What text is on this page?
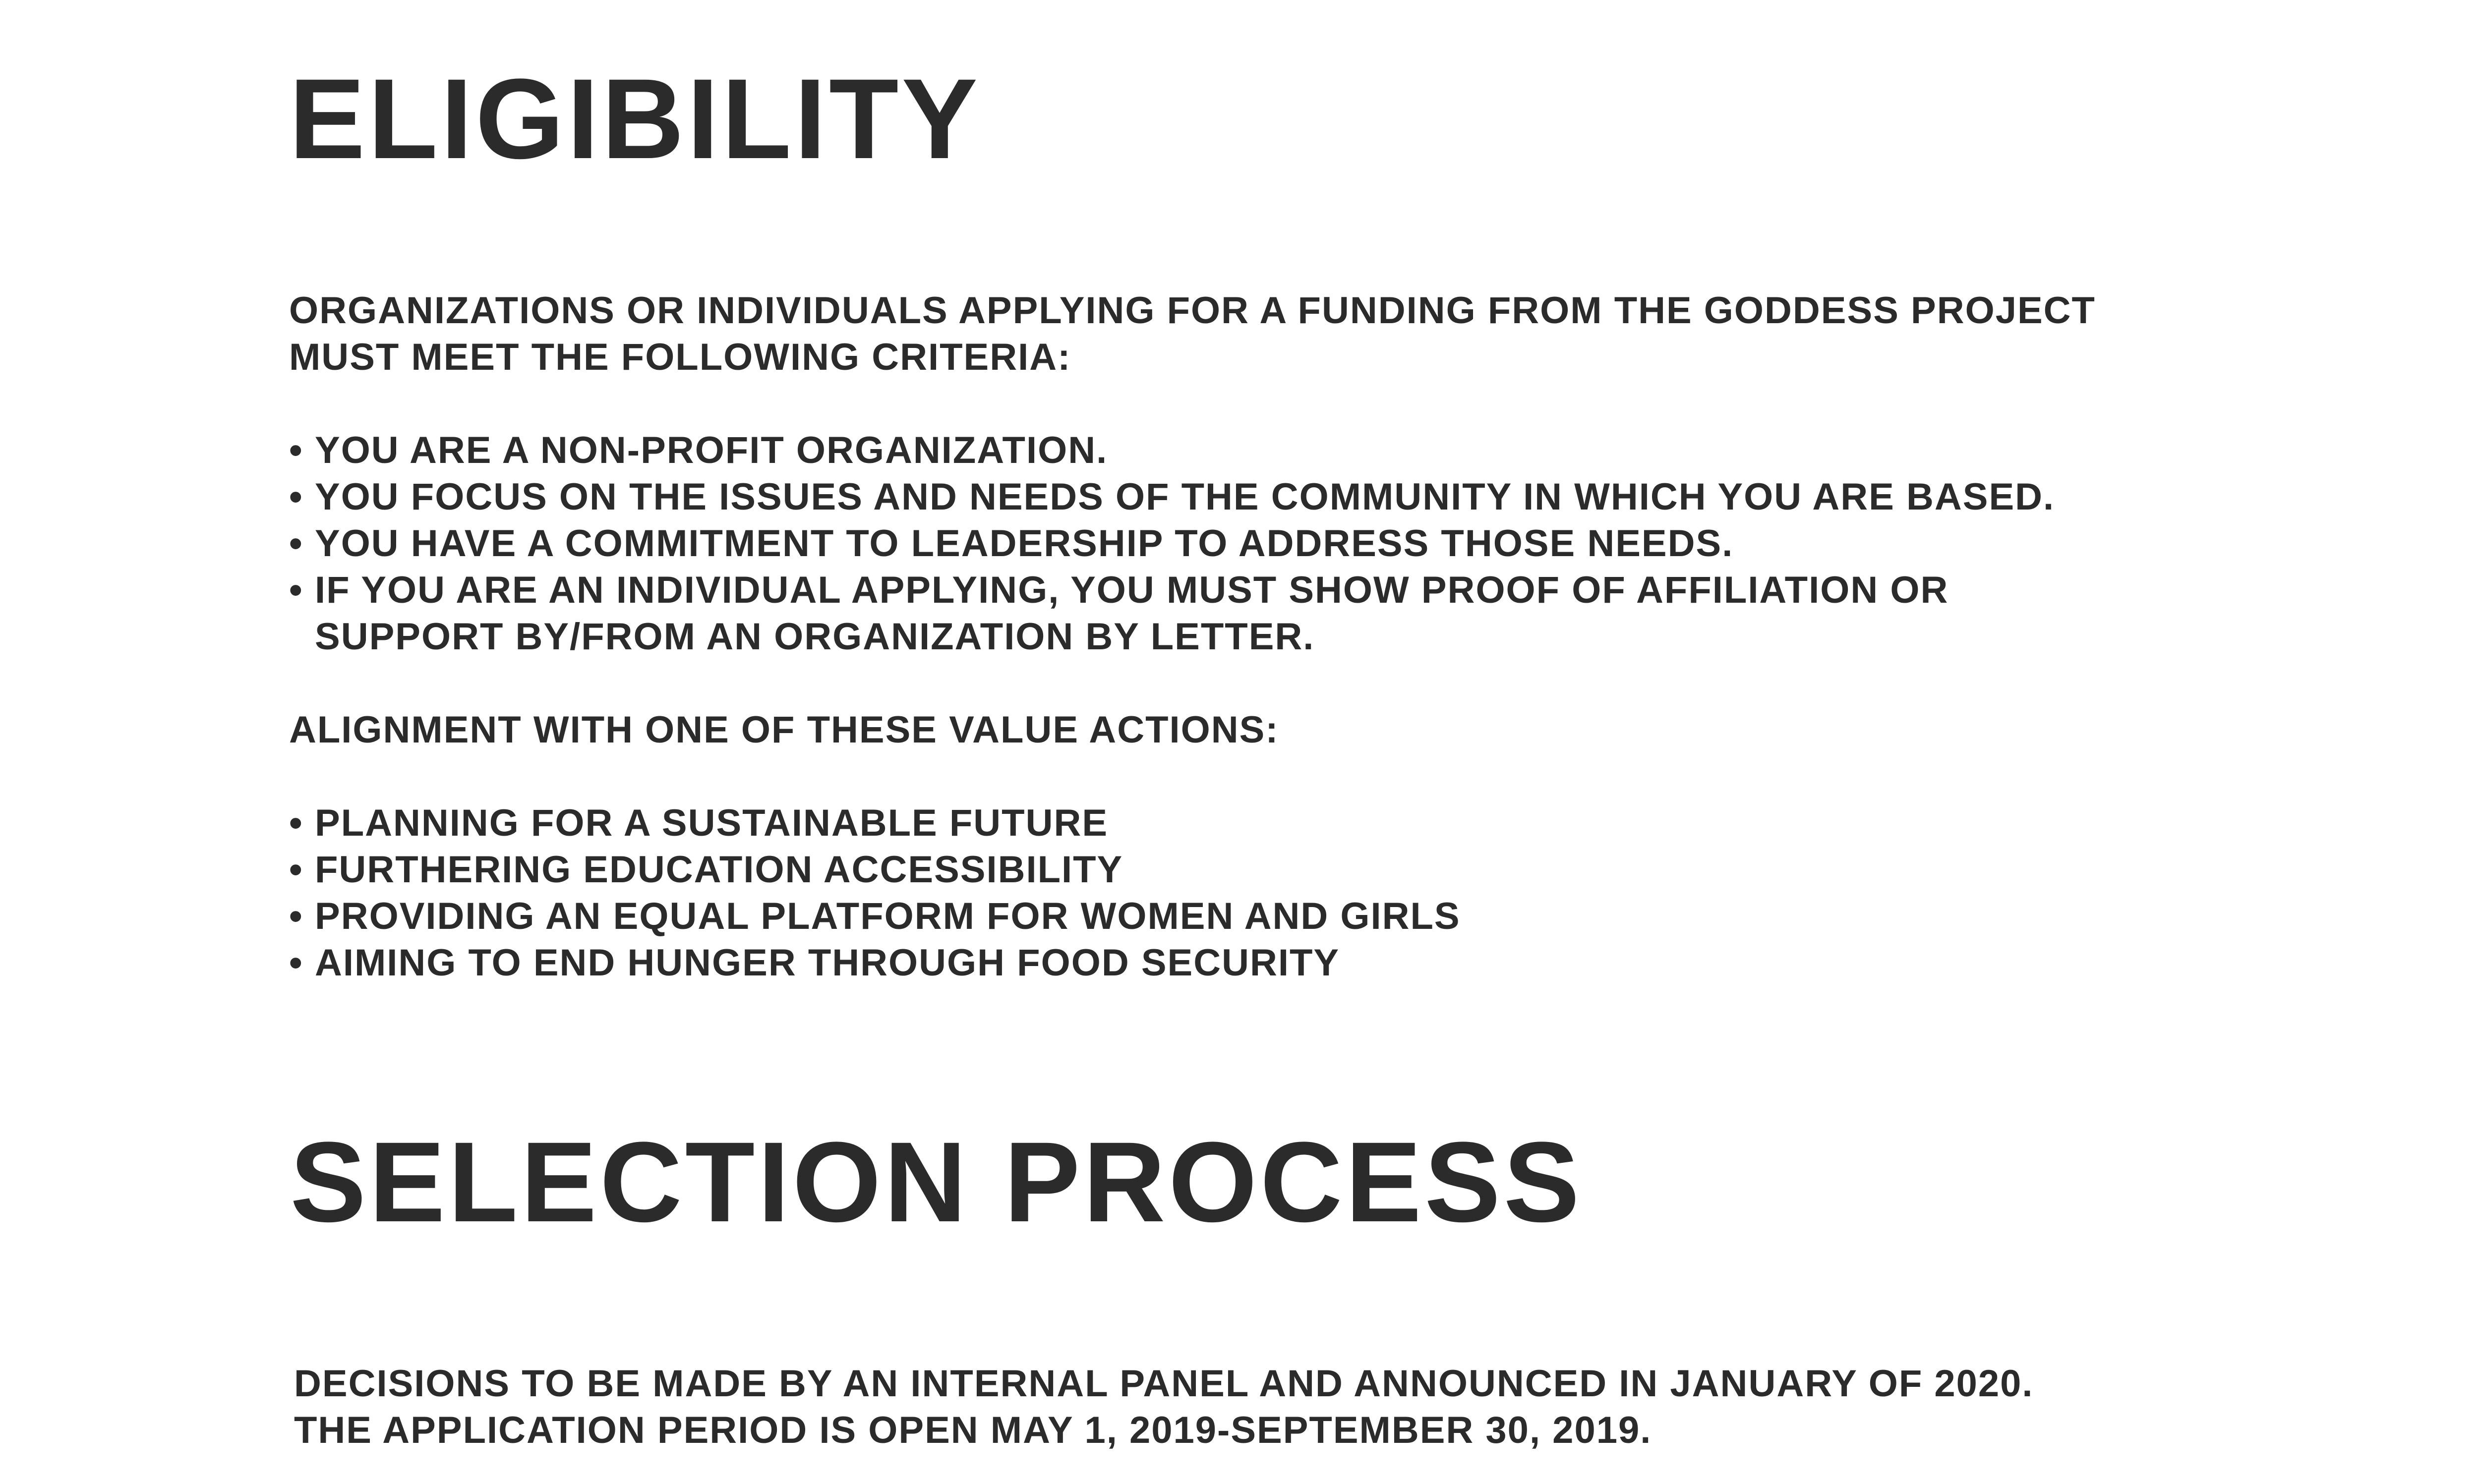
ELIGIBILITY

ORGANIZATIONS OR INDIVIDUALS APPLYING FOR A FUNDING FROM THE GODDESS PROJECT

MUST MEET THE FOLLOWING CRITERIA:

• YOU ARE A NON-PROFIT ORGANIZATION.
• YOU FOCUS ON THE ISSUES AND NEEDS OF THE COMMUNITY IN WHICH YOU ARE BASED.
• YOU HAVE A COMMITMENT TO LEADERSHIP TO ADDRESS THOSE NEEDS.
• IF YOU ARE AN INDIVIDUAL APPLYING, YOU MUST SHOW PROOF OF AFFILIATION OR
SUPPORT BY/FROM AN ORGANIZATION BY LETTER.

ALIGNMENT WITH ONE OF THESE VALUE ACTIONS:

• PLANNING FOR A SUSTAINABLE FUTURE
• FURTHERING EDUCATION ACCESSIBILITY
• PROVIDING AN EQUAL PLATFORM FOR WOMEN AND GIRLS
• AIMING TO END HUNGER THROUGH FOOD SECURITY
SELECTION PROCESS

DECISIONS TO BE MADE BY AN INTERNAL PANEL AND ANNOUNCED IN JANUARY OF 2020.

THE APPLICATION PERIOD IS OPEN MAY 1, 2019-SEPTEMBER 30, 2019.
